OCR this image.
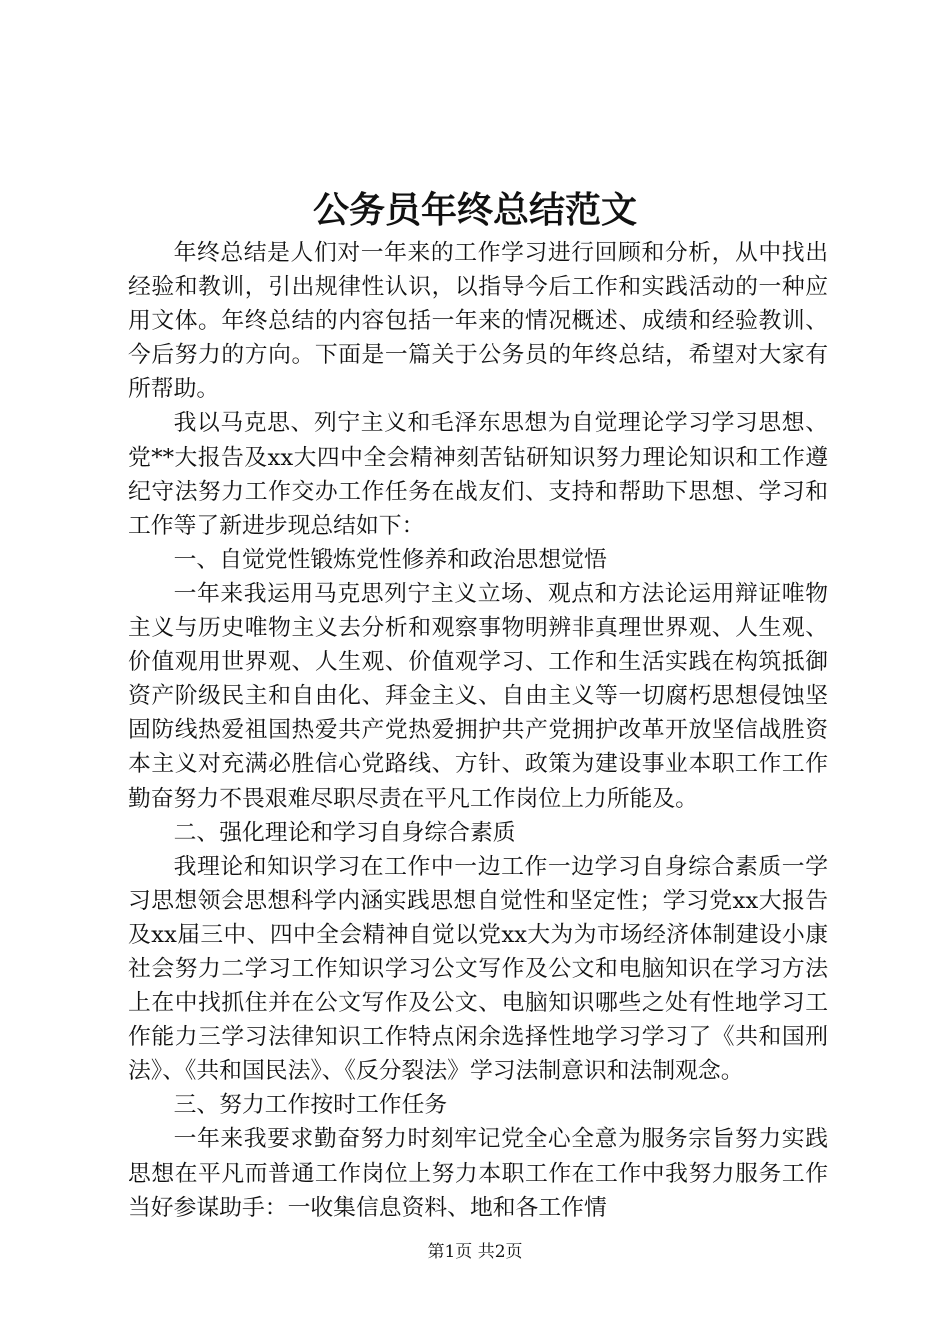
公务员年终总结范文

年终总结是人们对一年来的工作学习进行回顾和分析，从中找出经验和教训，引出规律性认识，以指导今后工作和实践活动的一种应用文体。年终总结的内容包括一年来的情况概述、成绩和经验教训、今后努力的方向。下面是一篇关于公务员的年终总结，希望对大家有所帮助。

我以马克思、列宁主义和毛泽东思想为自觉理论学习学习思想、党**大报告及xx大四中全会精神刻苦钻研知识努力理论知识和工作遵纪守法努力工作交办工作任务在战友们、支持和帮助下思想、学习和工作等了新进步现总结如下：

一、自觉党性锻炼党性修养和政治思想觉悟

一年来我运用马克思列宁主义立场、观点和方法论运用辩证唯物主义与历史唯物主义去分析和观察事物明辨非真理世界观、人生观、价值观用世界观、人生观、价值观学习、工作和生活实践在构筑抵御资产阶级民主和自由化、拜金主义、自由主义等一切腐朽思想侵蚀坚固防线热爱祖国热爱共产党热爱拥护共产党拥护改革开放坚信战胜资本主义对充满必胜信心党路线、方针、政策为建设事业本职工作工作勤奋努力不畏艰难尽职尽责在平凡工作岗位上力所能及。

二、强化理论和学习自身综合素质

我理论和知识学习在工作中一边工作一边学习自身综合素质一学习思想领会思想科学内涵实践思想自觉性和坚定性；学习党xx大报告及xx届三中、四中全会精神自觉以党xx大为为市场经济体制建设小康社会努力二学习工作知识学习公文写作及公文和电脑知识在学习方法上在中找抓住并在公文写作及公文、电脑知识哪些之处有性地学习工作能力三学习法律知识工作特点闲余选择性地学习学习了《共和国刑法》、《共和国民法》、《反分裂法》学习法制意识和法制观念。

三、努力工作按时工作任务

一年来我要求勤奋努力时刻牢记党全心全意为服务宗旨努力实践思想在平凡而普通工作岗位上努力本职工作在工作中我努力服务工作当好参谋助手：一收集信息资料、地和各工作情

第1页 共2页
